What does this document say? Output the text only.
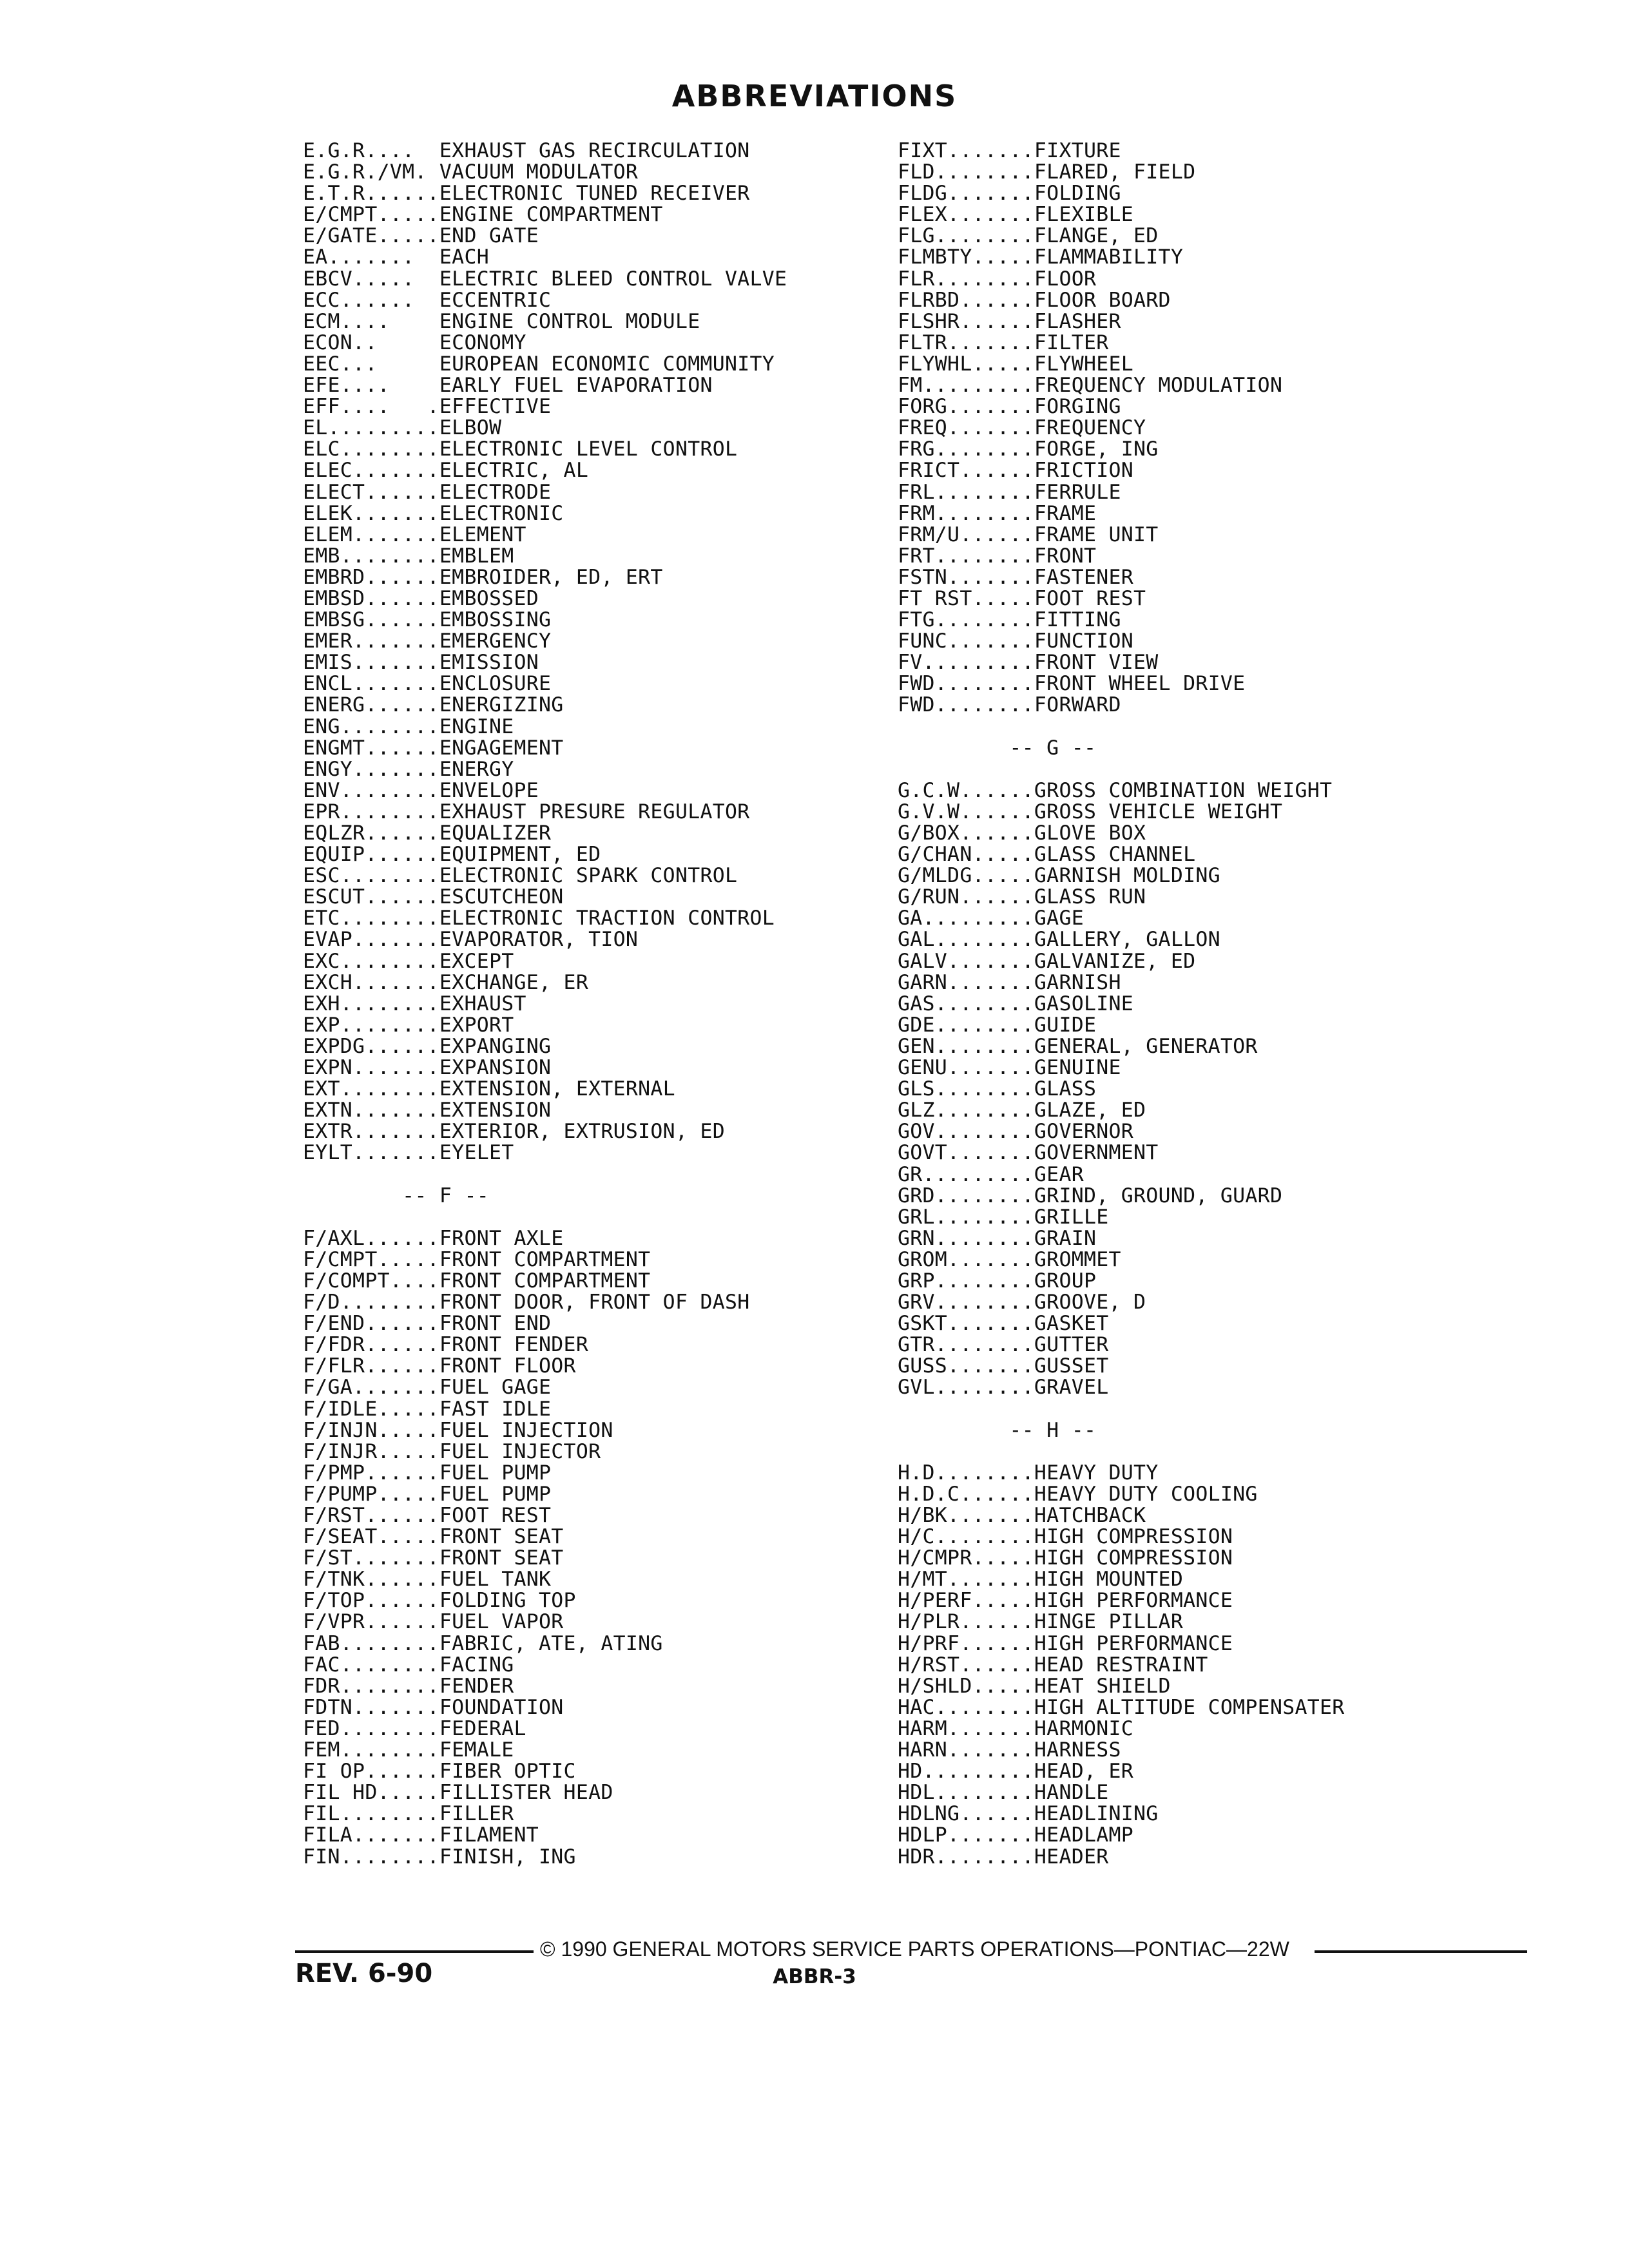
ABBREVIATIONS
E.G.R....  EXHAUST GAS RECIRCULATION
E.G.R./VM. VACUUM MODULATOR
E.T.R......ELECTRONIC TUNED RECEIVER
E/CMPT.....ENGINE COMPARTMENT
E/GATE.....END GATE
EA.......  EACH
EBCV.....  ELECTRIC BLEED CONTROL VALVE
ECC......  ECCENTRIC
ECM....    ENGINE CONTROL MODULE
ECON..     ECONOMY
EEC...     EUROPEAN ECONOMIC COMMUNITY
EFE....    EARLY FUEL EVAPORATION
EFF....   .EFFECTIVE
EL.........ELBOW
ELC........ELECTRONIC LEVEL CONTROL
ELEC.......ELECTRIC, AL
ELECT......ELECTRODE
ELEK.......ELECTRONIC
ELEM.......ELEMENT
EMB........EMBLEM
EMBRD......EMBROIDER, ED, ERT
EMBSD......EMBOSSED
EMBSG......EMBOSSING
EMER.......EMERGENCY
EMIS.......EMISSION
ENCL.......ENCLOSURE
ENERG......ENERGIZING
ENG........ENGINE
ENGMT......ENGAGEMENT
ENGY.......ENERGY
ENV........ENVELOPE
EPR........EXHAUST PRESURE REGULATOR
EQLZR......EQUALIZER
EQUIP......EQUIPMENT, ED
ESC........ELECTRONIC SPARK CONTROL
ESCUT......ESCUTCHEON
ETC........ELECTRONIC TRACTION CONTROL
EVAP.......EVAPORATOR, TION
EXC........EXCEPT
EXCH.......EXCHANGE, ER
EXH........EXHAUST
EXP........EXPORT
EXPDG......EXPANGING
EXPN.......EXPANSION
EXT........EXTENSION, EXTERNAL
EXTN.......EXTENSION
EXTR.......EXTERIOR, EXTRUSION, ED
EYLT.......EYELET
-- F --
F/AXL......FRONT AXLE
F/CMPT.....FRONT COMPARTMENT
F/COMPT....FRONT COMPARTMENT
F/D........FRONT DOOR, FRONT OF DASH
F/END......FRONT END
F/FDR......FRONT FENDER
F/FLR......FRONT FLOOR
F/GA.......FUEL GAGE
F/IDLE.....FAST IDLE
F/INJN.....FUEL INJECTION
F/INJR.....FUEL INJECTOR
F/PMP......FUEL PUMP
F/PUMP.....FUEL PUMP
F/RST......FOOT REST
F/SEAT.....FRONT SEAT
F/ST.......FRONT SEAT
F/TNK......FUEL TANK
F/TOP......FOLDING TOP
F/VPR......FUEL VAPOR
FAB........FABRIC, ATE, ATING
FAC........FACING
FDR........FENDER
FDTN.......FOUNDATION
FED........FEDERAL
FEM........FEMALE
FI OP......FIBER OPTIC
FIL HD.....FILLISTER HEAD
FIL........FILLER
FILA.......FILAMENT
FIN........FINISH, ING
FIXT.......FIXTURE
FLD........FLARED, FIELD
FLDG.......FOLDING
FLEX.......FLEXIBLE
FLG........FLANGE, ED
FLMBTY.....FLAMMABILITY
FLR........FLOOR
FLRBD......FLOOR BOARD
FLSHR......FLASHER
FLTR.......FILTER
FLYWHL.....FLYWHEEL
FM.........FREQUENCY MODULATION
FORG.......FORGING
FREQ.......FREQUENCY
FRG........FORGE, ING
FRICT......FRICTION
FRL........FERRULE
FRM........FRAME
FRM/U......FRAME UNIT
FRT........FRONT
FSTN.......FASTENER
FT RST.....FOOT REST
FTG........FITTING
FUNC.......FUNCTION
FV.........FRONT VIEW
FWD........FRONT WHEEL DRIVE
FWD........FORWARD
-- G --
G.C.W......GROSS COMBINATION WEIGHT
G.V.W......GROSS VEHICLE WEIGHT
G/BOX......GLOVE BOX
G/CHAN.....GLASS CHANNEL
G/MLDG.....GARNISH MOLDING
G/RUN......GLASS RUN
GA.........GAGE
GAL........GALLERY, GALLON
GALV.......GALVANIZE, ED
GARN.......GARNISH
GAS........GASOLINE
GDE........GUIDE
GEN........GENERAL, GENERATOR
GENU.......GENUINE
GLS........GLASS
GLZ........GLAZE, ED
GOV........GOVERNOR
GOVT.......GOVERNMENT
GR.........GEAR
GRD........GRIND, GROUND, GUARD
GRL........GRILLE
GRN........GRAIN
GROM.......GROMMET
GRP........GROUP
GRV........GROOVE, D
GSKT.......GASKET
GTR........GUTTER
GUSS.......GUSSET
GVL........GRAVEL
-- H --
H.D........HEAVY DUTY
H.D.C......HEAVY DUTY COOLING
H/BK.......HATCHBACK
H/C........HIGH COMPRESSION
H/CMPR.....HIGH COMPRESSION
H/MT.......HIGH MOUNTED
H/PERF.....HIGH PERFORMANCE
H/PLR......HINGE PILLAR
H/PRF......HIGH PERFORMANCE
H/RST......HEAD RESTRAINT
H/SHLD.....HEAT SHIELD
HAC........HIGH ALTITUDE COMPENSATER
HARM.......HARMONIC
HARN.......HARNESS
HD.........HEAD, ER
HDL........HANDLE
HDLNG......HEADLINING
HDLP.......HEADLAMP
HDR........HEADER
© 1990 GENERAL MOTORS SERVICE PARTS OPERATIONS—PONTIAC—22W
REV. 6-90	ABBR-3
